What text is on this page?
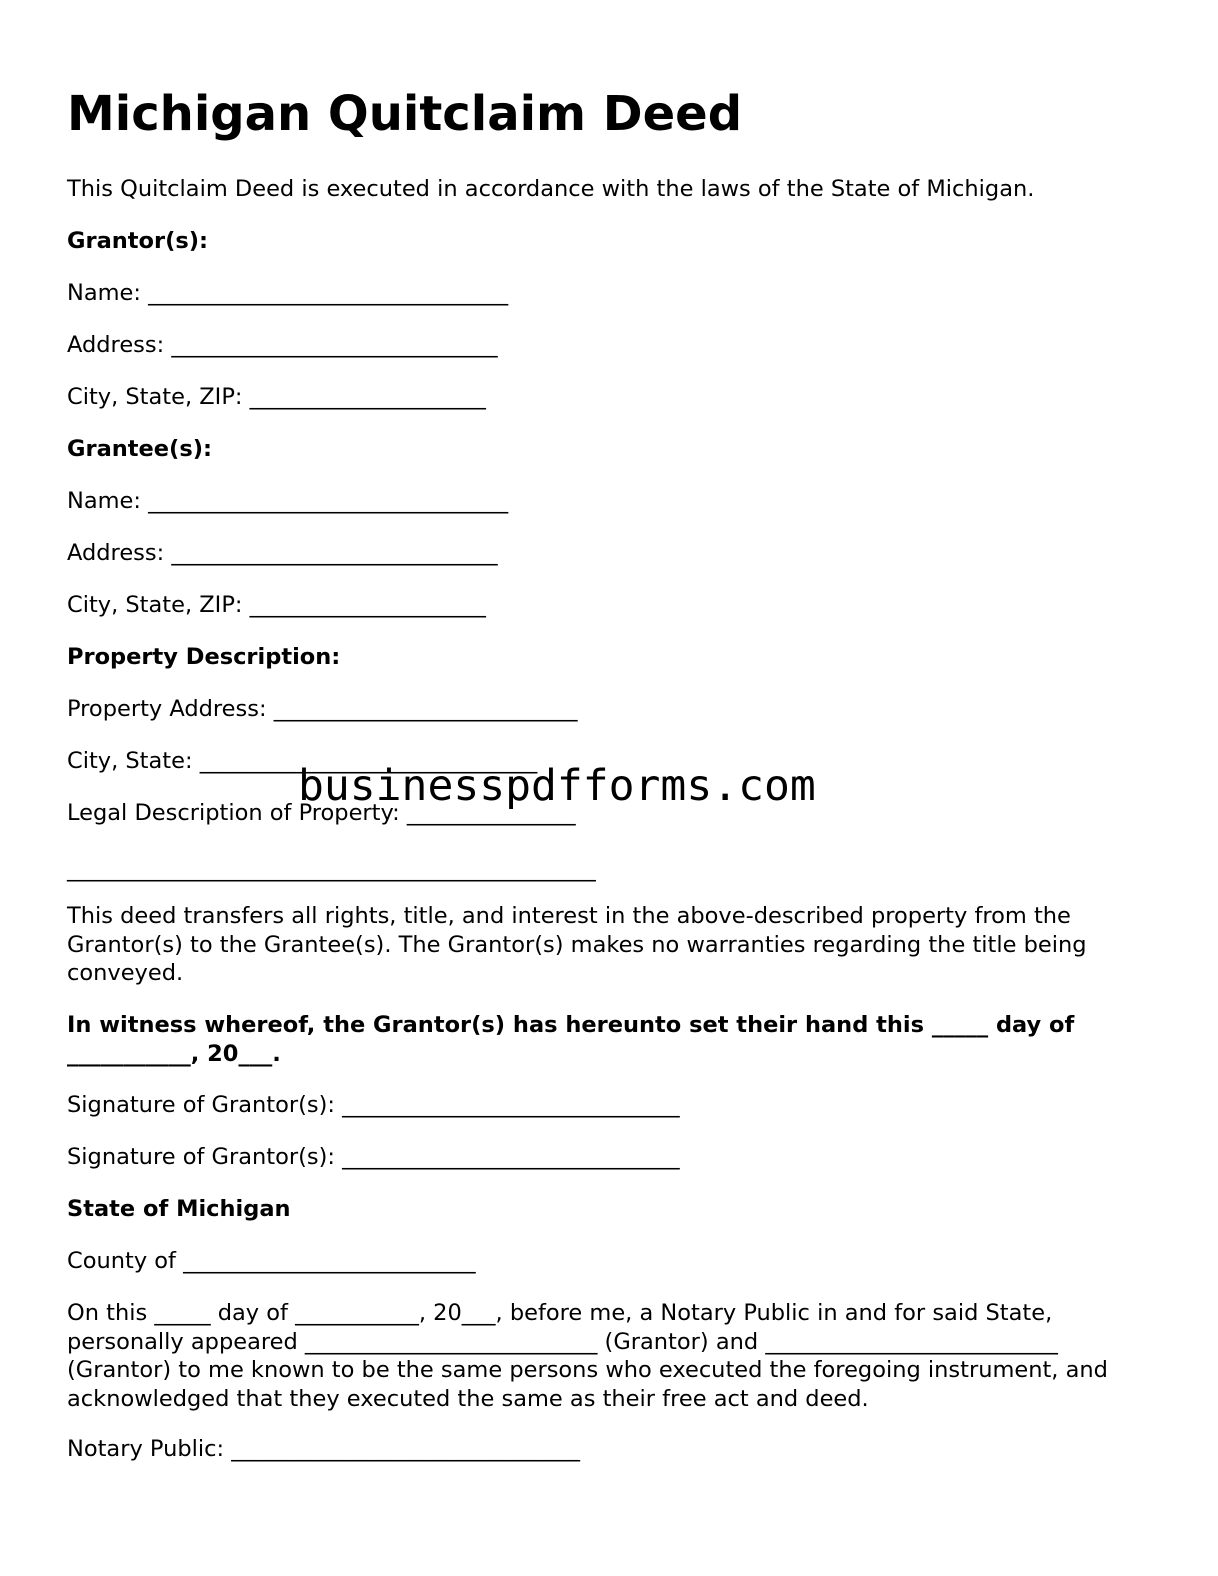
Michigan Quitclaim Deed

This Quitclaim Deed is executed in accordance with the laws of the State of Michigan.

Grantor(s):

Name: ________________________________

Address: _____________________________

City, State, ZIP: _____________________

Grantee(s):

Name: ________________________________

Address: _____________________________

City, State, ZIP: _____________________

Property Description:

Property Address: ___________________________

City, State: ______________________________

Legal Description of Property: _______________

_______________________________________________

This deed transfers all rights, title, and interest in the above-described property from the Grantor(s) to the Grantee(s). The Grantor(s) makes no warranties regarding the title being conveyed.

In witness whereof, the Grantor(s) has hereunto set their hand this _____ day of ___________, 20___.

Signature of Grantor(s): ______________________________

Signature of Grantor(s): ______________________________

State of Michigan

County of __________________________

On this _____ day of ___________, 20___, before me, a Notary Public in and for said State, personally appeared __________________________ (Grantor) and __________________________ (Grantor) to me known to be the same persons who executed the foregoing instrument, and acknowledged that they executed the same as their free act and deed.

Notary Public: _______________________________

businesspdfforms.com
